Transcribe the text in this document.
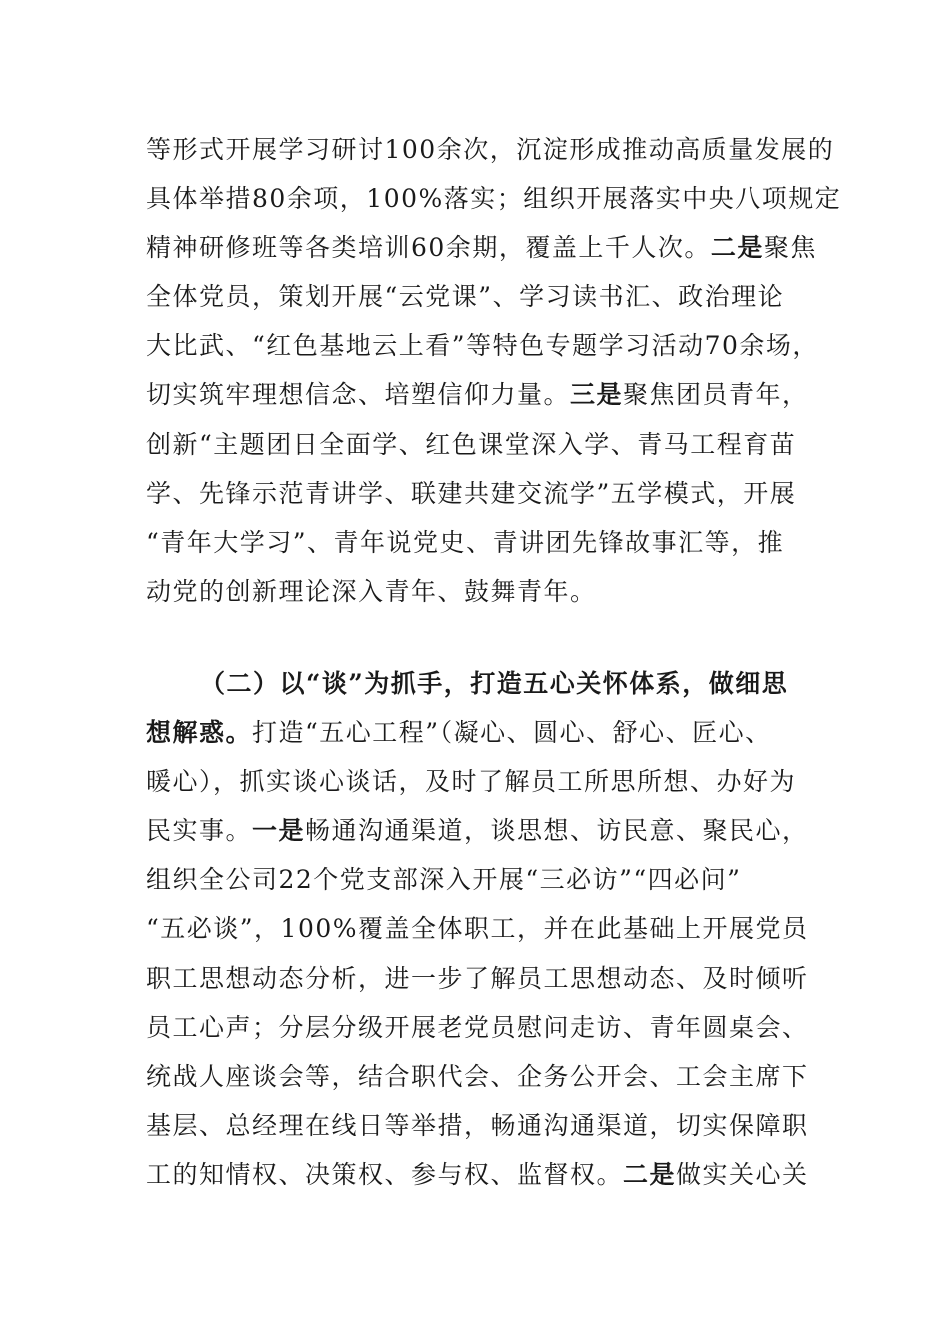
等形式开展学习研讨100余次，沉淀形成推动高质量发展的
具体举措80余项，100%落实；组织开展落实中央八项规定
精神研修班等各类培训60余期，覆盖上千人次。二是聚焦
全体党员，策划开展“云党课”、学习读书汇、政治理论
大比武、“红色基地云上看”等特色专题学习活动70余场，
切实筑牢理想信念、培塑信仰力量。三是聚焦团员青年，
创新“主题团日全面学、红色课堂深入学、青马工程育苗
学、先锋示范青讲学、联建共建交流学”五学模式，开展
“青年大学习”、青年说党史、青讲团先锋故事汇等，推
动党的创新理论深入青年、鼓舞青年。
（二）以“谈”为抓手，打造五心关怀体系，做细思
想解惑。打造“五心工程”（凝心、圆心、舒心、匠心、
暖心），抓实谈心谈话，及时了解员工所思所想、办好为
民实事。一是畅通沟通渠道，谈思想、访民意、聚民心，
组织全公司22个党支部深入开展“三必访”“四必问”
“五必谈”，100%覆盖全体职工，并在此基础上开展党员
职工思想动态分析，进一步了解员工思想动态、及时倾听
员工心声；分层分级开展老党员慰问走访、青年圆桌会、
统战人座谈会等，结合职代会、企务公开会、工会主席下
基层、总经理在线日等举措，畅通沟通渠道，切实保障职
工的知情权、决策权、参与权、监督权。二是做实关心关
